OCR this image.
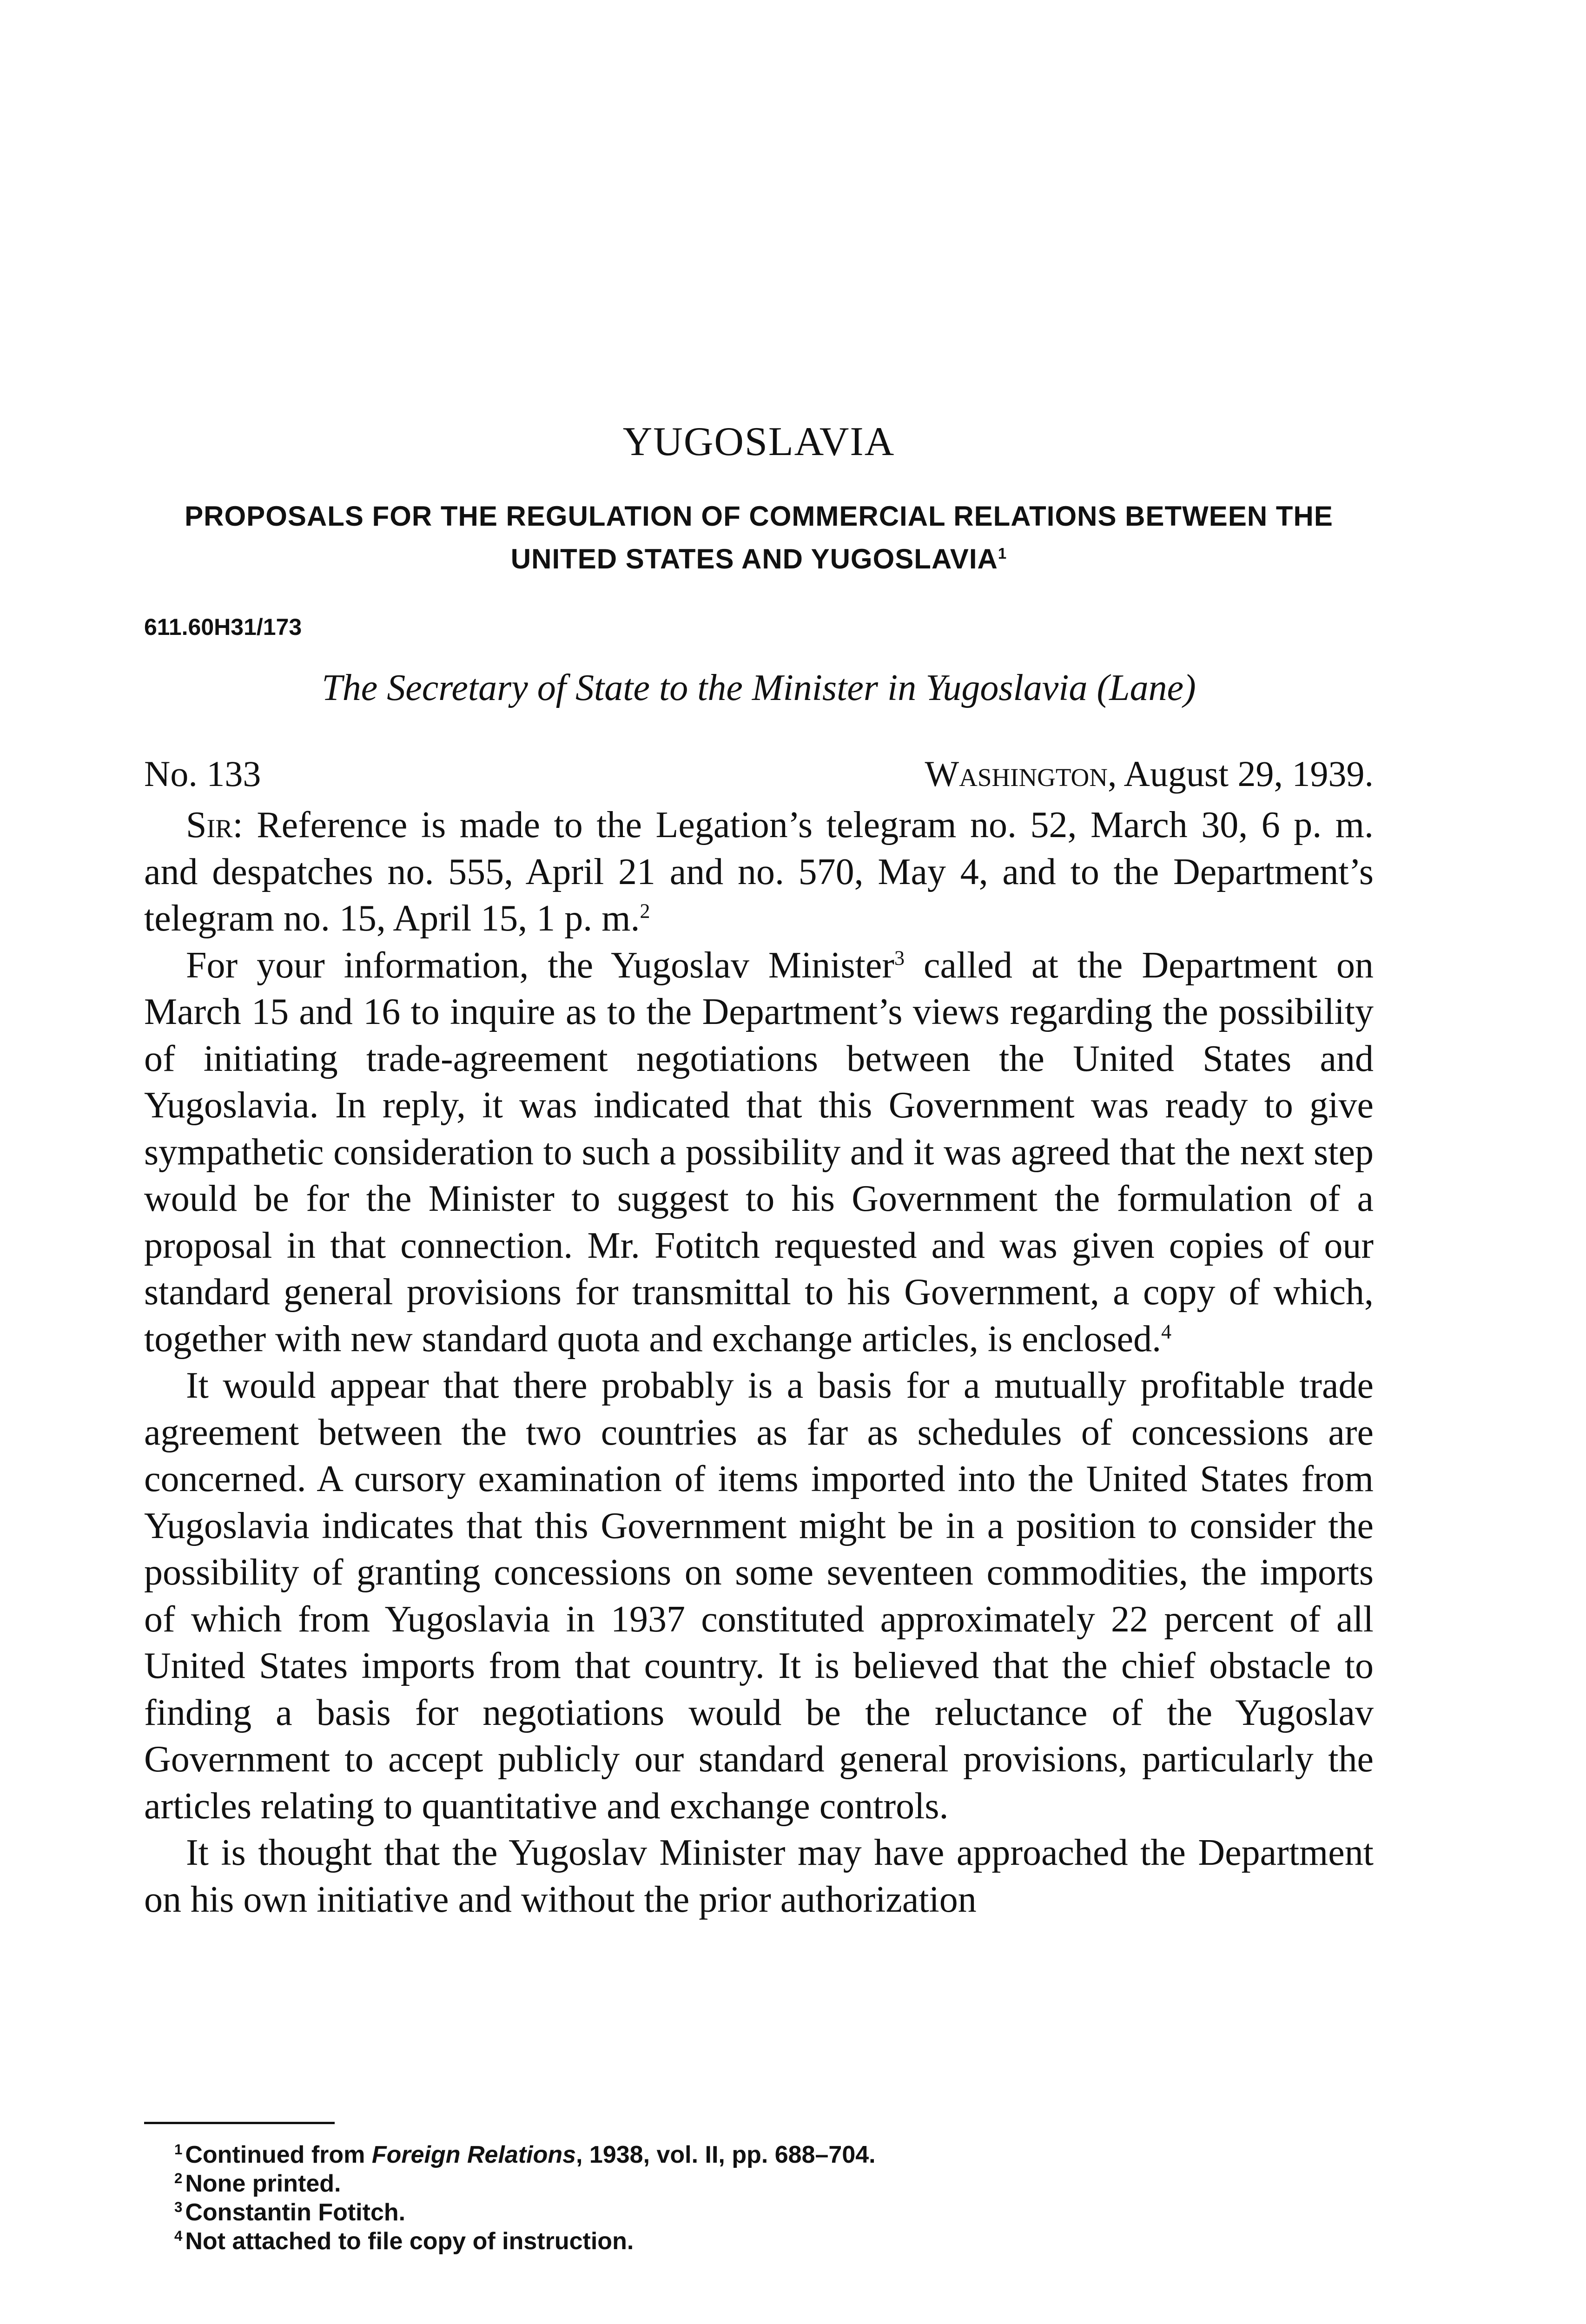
YUGOSLAVIA
PROPOSALS FOR THE REGULATION OF COMMERCIAL RELATIONS BETWEEN THE UNITED STATES AND YUGOSLAVIA$^1$
611.60H31/173
The Secretary of State to the Minister in Yugoslavia (Lane)
No. 133	Washington, August 29, 1939.

Sir: Reference is made to the Legation’s telegram no. 52, March 30, 6 p. m. and despatches no. 555, April 21 and no. 570, May 4, and to the Department’s telegram no. 15, April 15, 1 p. m.$^2$

For your information, the Yugoslav Minister$^3$ called at the Department on March 15 and 16 to inquire as to the Department’s views regarding the possibility of initiating trade-agreement negotiations between the United States and Yugoslavia. In reply, it was indicated that this Government was ready to give sympathetic consideration to such a possibility and it was agreed that the next step would be for the Minister to suggest to his Government the formulation of a proposal in that connection. Mr. Fotitch requested and was given copies of our standard general provisions for transmittal to his Government, a copy of which, together with new standard quota and exchange articles, is enclosed.$^4$

It would appear that there probably is a basis for a mutually profitable trade agreement between the two countries as far as schedules of concessions are concerned. A cursory examination of items imported into the United States from Yugoslavia indicates that this Government might be in a position to consider the possibility of granting concessions on some seventeen commodities, the imports of which from Yugoslavia in 1937 constituted approximately 22 percent of all United States imports from that country. It is believed that the chief obstacle to finding a basis for negotiations would be the reluctance of the Yugoslav Government to accept publicly our standard general provisions, particularly the articles relating to quantitative and exchange controls.

It is thought that the Yugoslav Minister may have approached the Department on his own initiative and without the prior authorization

$^1$ Continued from Foreign Relations, 1938, vol. II, pp. 688–704.

$^2$ None printed.

$^3$ Constantin Fotitch.

$^4$ Not attached to file copy of instruction.
